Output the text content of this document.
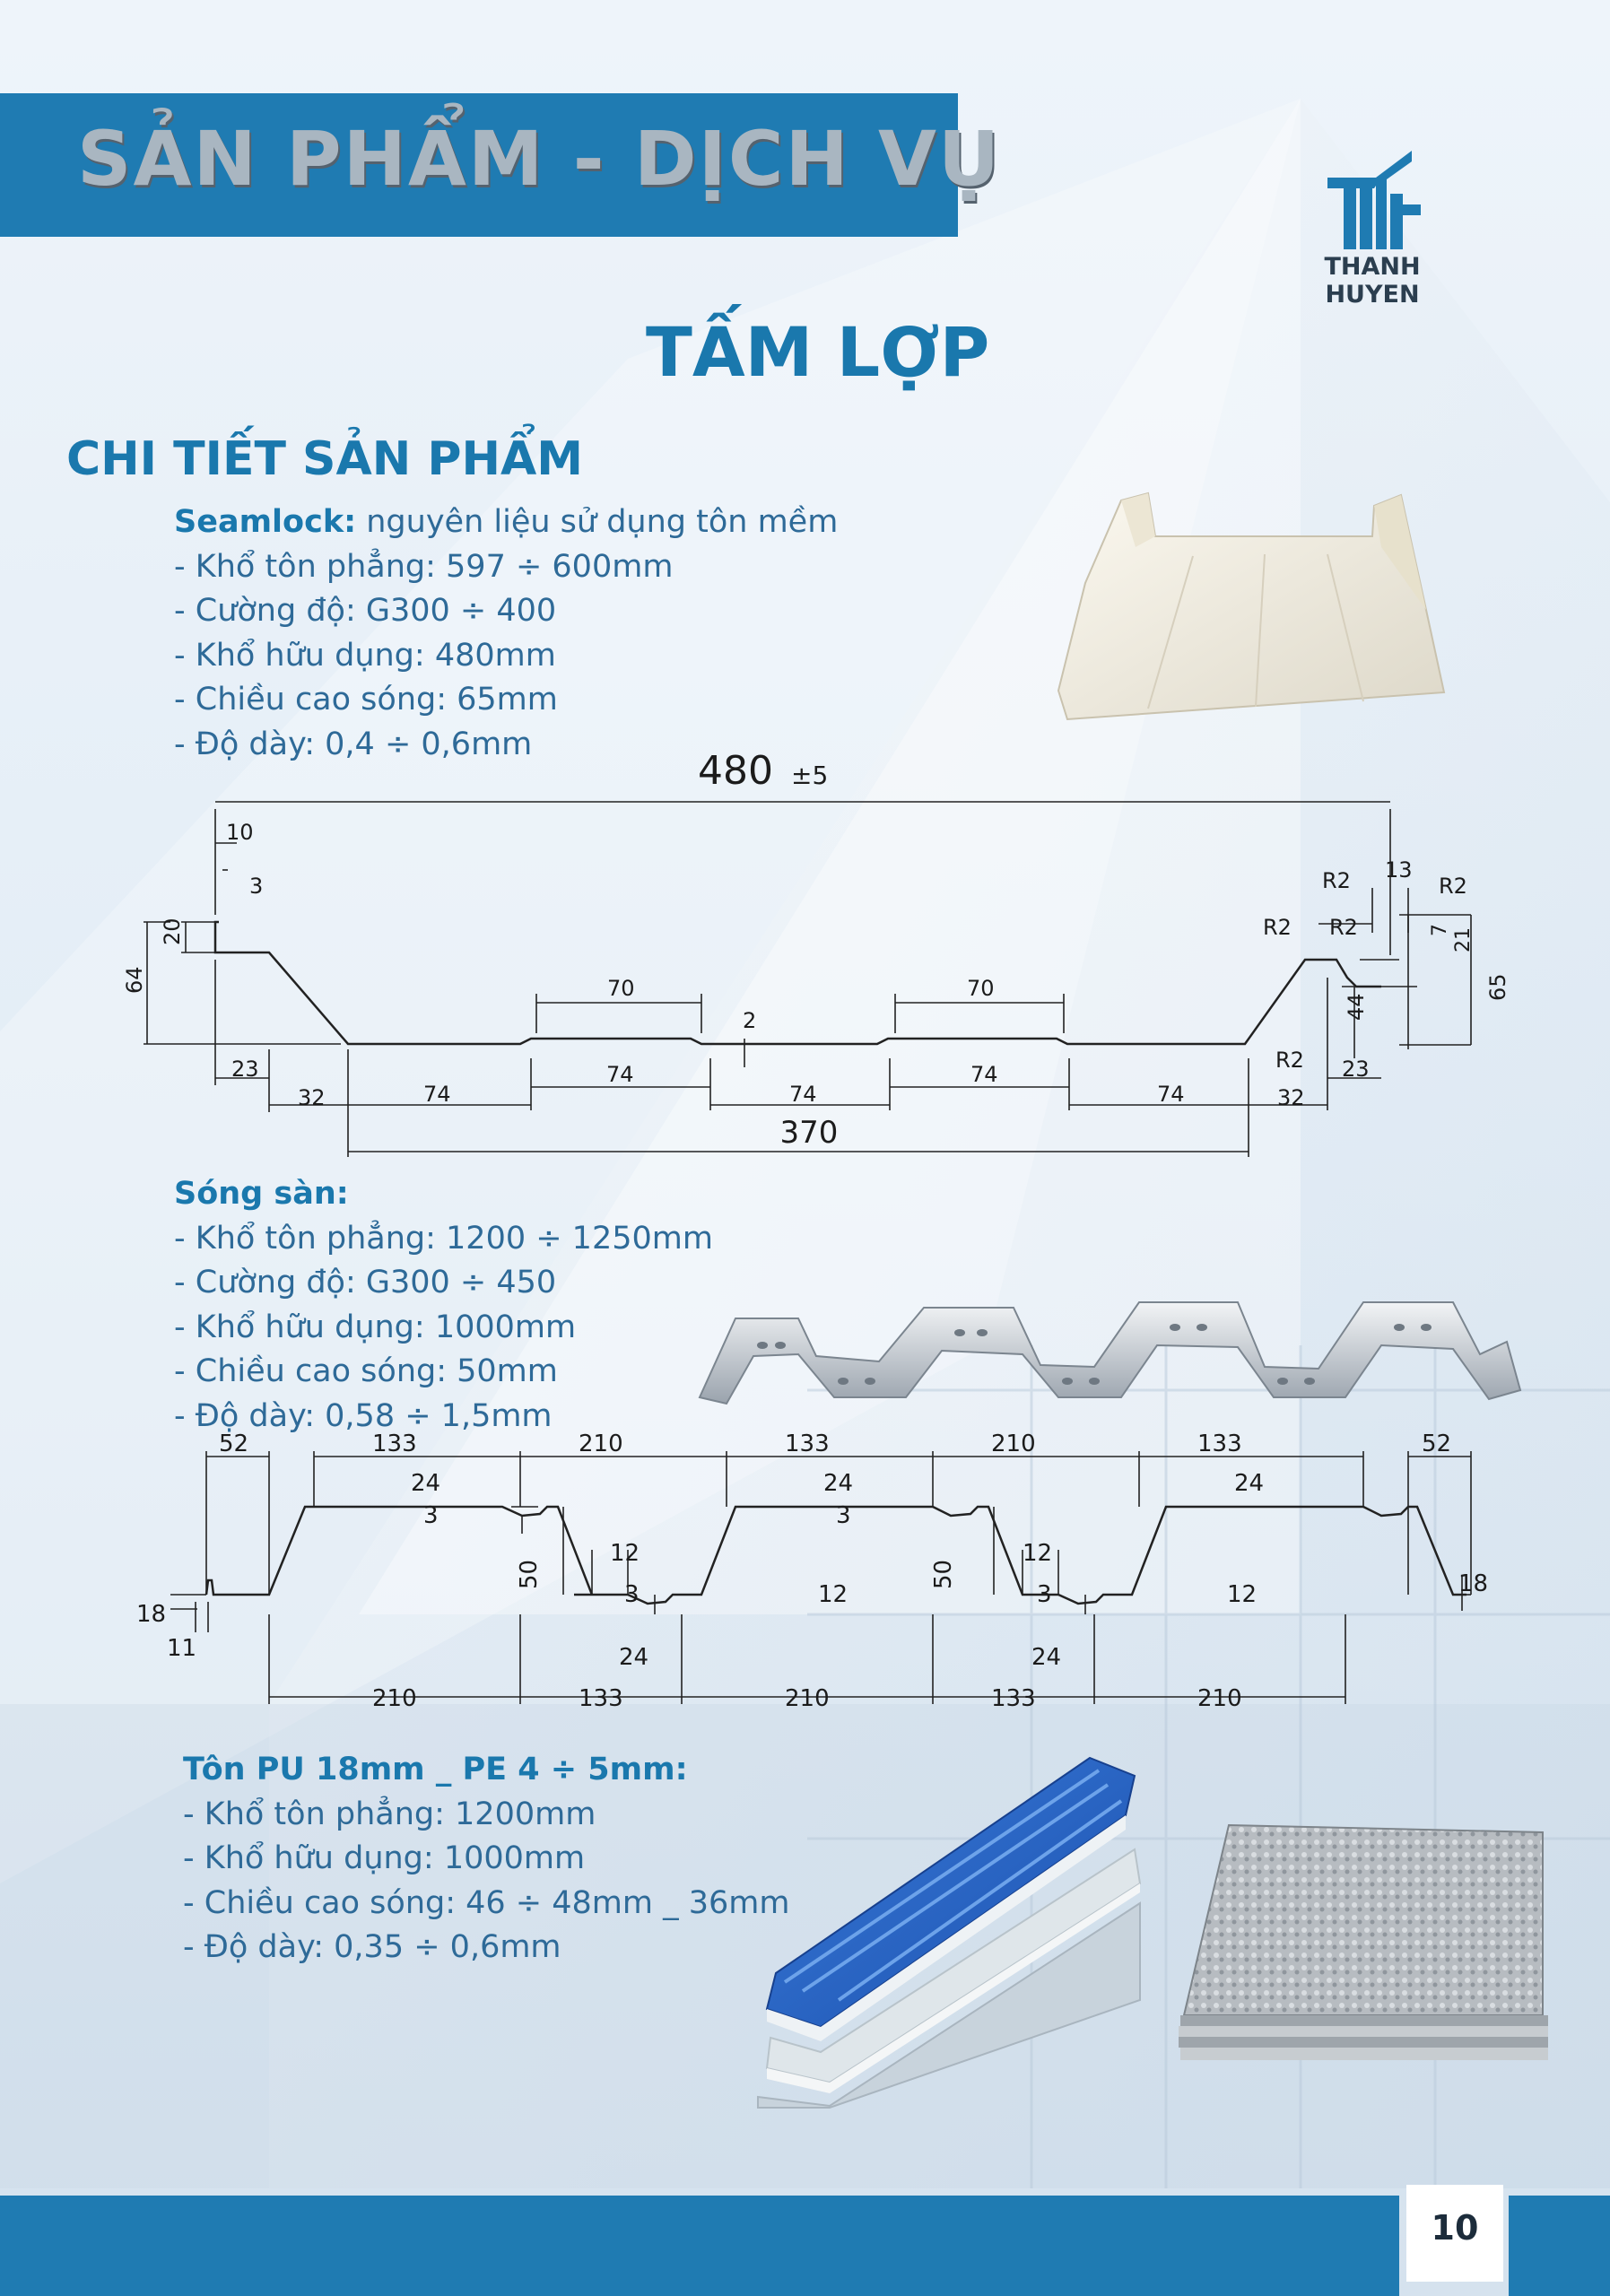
SẢN PHẨM - DỊCH VỤ
THANH HUYEN
TẤM LỢP
CHI TIẾT SẢN PHẨM
Seamlock: nguyên liệu sử dụng tôn mềm
- Khổ tôn phẳng: 597 ÷ 600mm
- Cường độ: G300 ÷ 400
- Khổ hữu dụng: 480mm
- Chiều cao sóng: 65mm
- Độ dày: 0,4 ÷ 0,6mm
480 ±5
10
3
20
64
23
32	74
74
74
74
74
70	70
2
32
23
R2
R2 R2
R2	R2
13
7 21
44
65
370
Sóng sàn:
- Khổ tôn phẳng: 1200 ÷ 1250mm
- Cường độ: G300 ÷ 450
- Khổ hữu dụng: 1000mm
- Chiều cao sóng: 50mm
- Độ dày: 0,58 ÷ 1,5mm
52	133	210	133	210	133	52
24
3
24
3
24
12
3
12
3
12	12
50	50
24	24
18
11
18
210	133	210	133	210
Tôn PU 18mm _ PE 4 ÷ 5mm:
- Khổ tôn phẳng: 1200mm
- Khổ hữu dụng: 1000mm
- Chiều cao sóng: 46 ÷ 48mm _ 36mm
- Độ dày: 0,35 ÷ 0,6mm
10
